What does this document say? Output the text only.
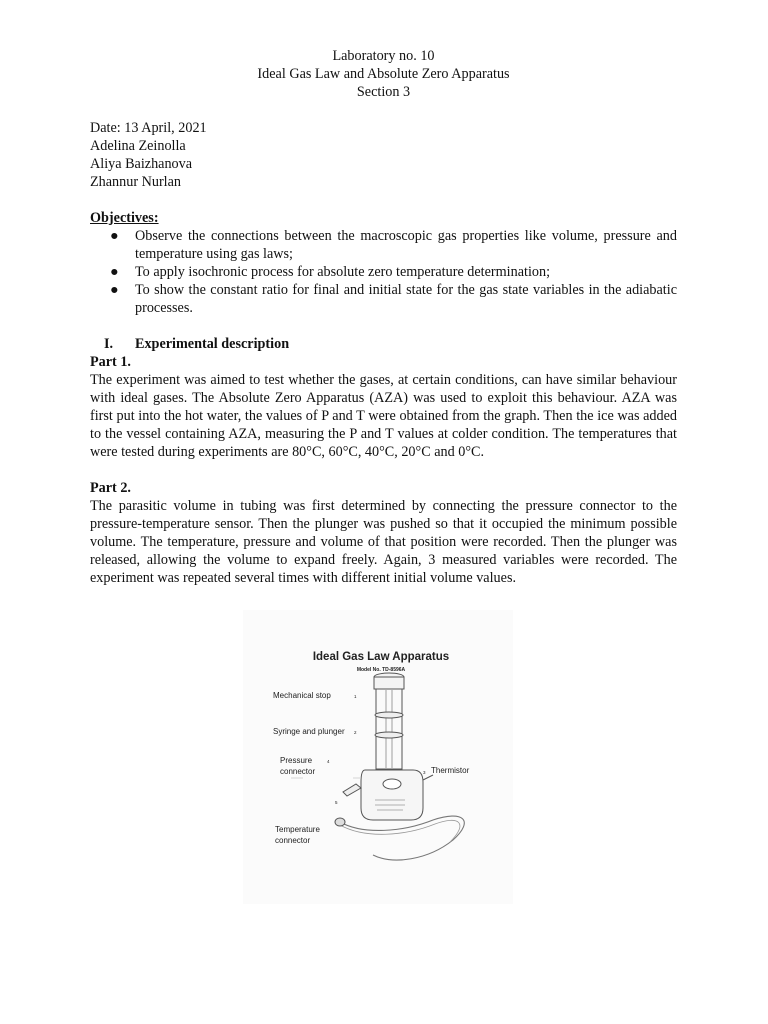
Laboratory no. 10

Ideal Gas Law and Absolute Zero Apparatus

Section 3

Date: 13 April, 2021

Adelina Zeinolla

Aliya Baizhanova

Zhannur Nurlan

Objectives:

● Observe the connections between the macroscopic gas properties like volume, pressure and temperature using gas laws;
● To apply isochronic process for absolute zero temperature determination;
● To show the constant ratio for final and initial state for the gas state variables in the adiabatic processes.
I.	Experimental description

Part 1.

The experiment was aimed to test whether the gases, at certain conditions, can have similar behaviour with ideal gases. The Absolute Zero Apparatus (AZA) was used to exploit this behaviour. AZA was first put into the hot water, the values of P and T were obtained from the graph. Then the ice was added to the vessel containing AZA, measuring the P and T values at colder condition. The temperatures that were tested during experiments are 80°C, 60°C, 40°C, 20°C and 0°C.

Part 2.

The parasitic volume in tubing was first determined by connecting the pressure connector to the pressure-temperature sensor. Then the plunger was pushed so that it occupied the minimum possible volume. The temperature, pressure and volume of that position were recorded. Then the plunger was released, allowing the volume to expand freely. Again, 3 measured variables were recorded. The experiment was repeated several times with different initial volume values.

Ideal Gas Law Apparatus
Model No. TD-8596A
Mechanical stop	1
Syringe and plunger 2
Pressure
connector
4
Thermistor
3
Temperature
connector
5
